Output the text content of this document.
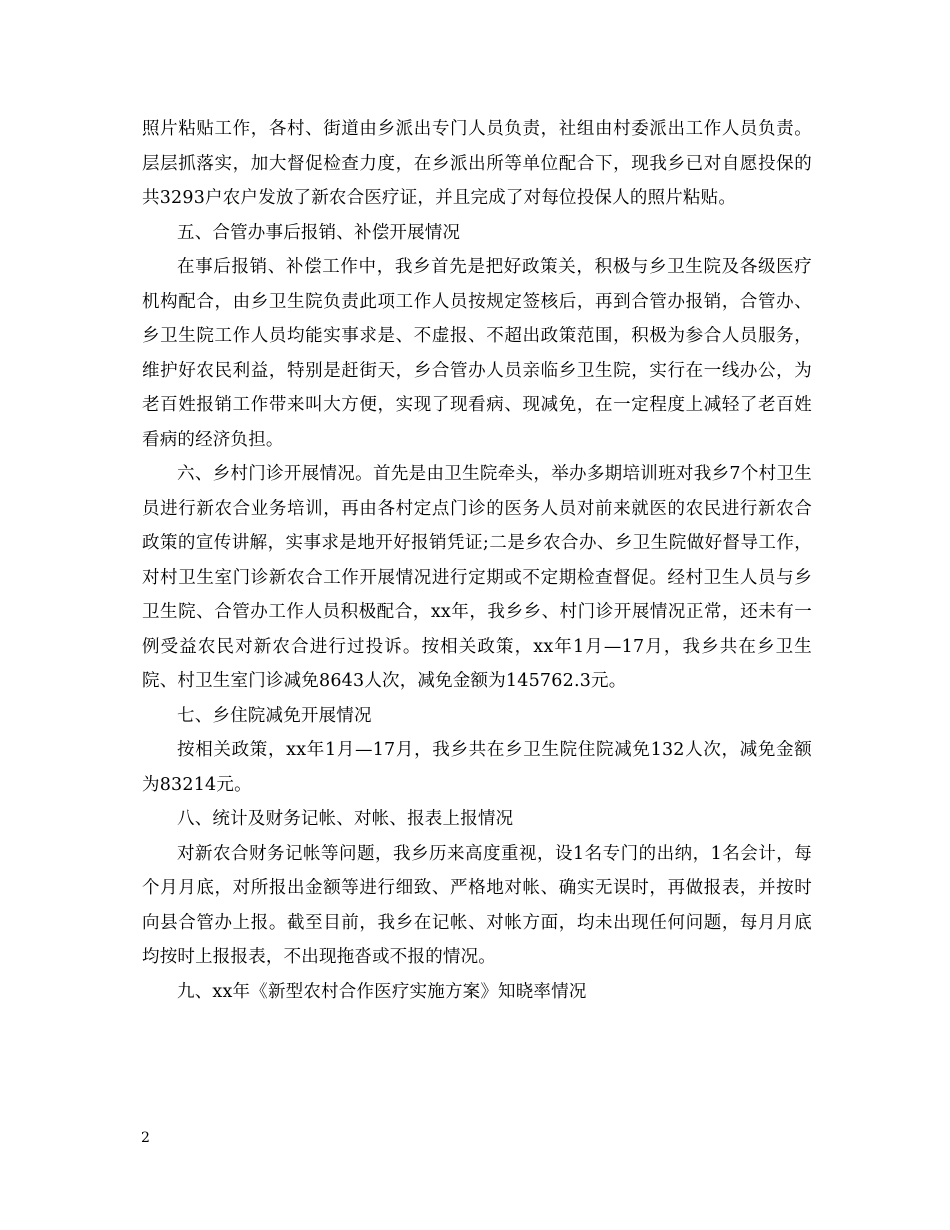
照片粘贴工作，各村、街道由乡派出专门人员负责，社组由村委派出工作人员负责。层层抓落实，加大督促检查力度，在乡派出所等单位配合下，现我乡已对自愿投保的共3293户农户发放了新农合医疗证，并且完成了对每位投保人的照片粘贴。

五、合管办事后报销、补偿开展情况

在事后报销、补偿工作中，我乡首先是把好政策关，积极与乡卫生院及各级医疗机构配合，由乡卫生院负责此项工作人员按规定签核后，再到合管办报销，合管办、乡卫生院工作人员均能实事求是、不虚报、不超出政策范围，积极为参合人员服务，维护好农民利益，特别是赶街天，乡合管办人员亲临乡卫生院，实行在一线办公，为老百姓报销工作带来叫大方便，实现了现看病、现减免，在一定程度上减轻了老百姓看病的经济负担。

六、乡村门诊开展情况。首先是由卫生院牵头，举办多期培训班对我乡7个村卫生员进行新农合业务培训，再由各村定点门诊的医务人员对前来就医的农民进行新农合政策的宣传讲解，实事求是地开好报销凭证;二是乡农合办、乡卫生院做好督导工作，对村卫生室门诊新农合工作开展情况进行定期或不定期检查督促。经村卫生人员与乡卫生院、合管办工作人员积极配合，xx年，我乡乡、村门诊开展情况正常，还未有一例受益农民对新农合进行过投诉。按相关政策，xx年1月—17月，我乡共在乡卫生院、村卫生室门诊减免8643人次，减免金额为145762.3元。

七、乡住院减免开展情况

按相关政策，xx年1月—17月，我乡共在乡卫生院住院减免132人次，减免金额为83214元。

八、统计及财务记帐、对帐、报表上报情况

对新农合财务记帐等问题，我乡历来高度重视，设1名专门的出纳，1名会计，每个月月底，对所报出金额等进行细致、严格地对帐、确实无误时，再做报表，并按时向县合管办上报。截至目前，我乡在记帐、对帐方面，均未出现任何问题，每月月底均按时上报报表，不出现拖沓或不报的情况。

九、xx年《新型农村合作医疗实施方案》知晓率情况

2
